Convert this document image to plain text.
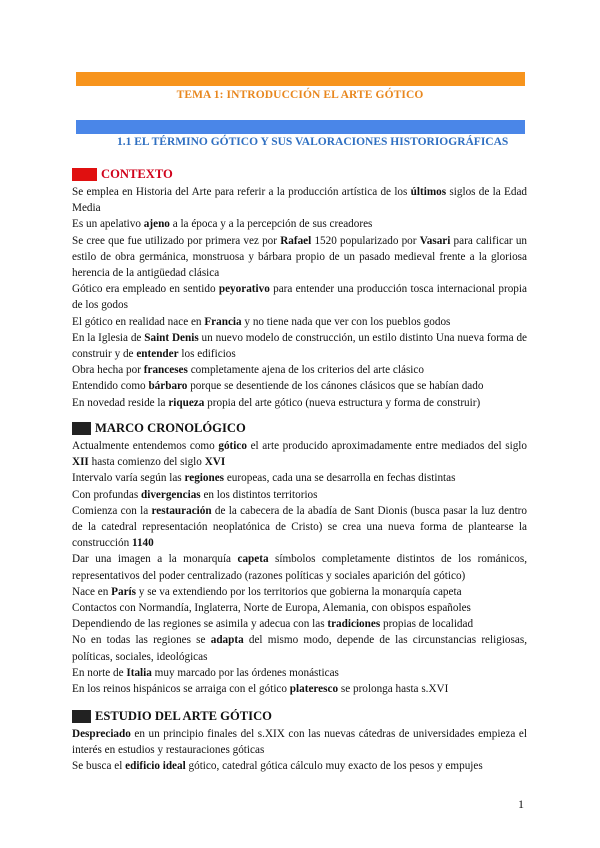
TEMA 1: INTRODUCCIÓN EL ARTE GÓTICO
1.1 EL TÉRMINO GÓTICO Y SUS VALORACIONES HISTORIOGRÁFICAS
CONTEXTO
Se emplea en Historia del Arte para referir a la producción artística de los últimos siglos de la Edad Media
Es un apelativo ajeno a la época y a la percepción de sus creadores
Se cree que fue utilizado por primera vez por Rafael 1520 popularizado por Vasari para calificar un estilo de obra germánica, monstruosa y bárbara propio de un pasado medieval frente a la gloriosa herencia de la antigüedad clásica
Gótico era empleado en sentido peyorativo para entender una producción tosca internacional propia de los godos
El gótico en realidad nace en Francia y no tiene nada que ver con los pueblos godos
En la Iglesia de Saint Denis un nuevo modelo de construcción, un estilo distinto Una nueva forma de construir y de entender los edificios
Obra hecha por franceses completamente ajena de los criterios del arte clásico
Entendido como bárbaro porque se desentiende de los cánones clásicos que se habían dado
En novedad reside la riqueza propia del arte gótico (nueva estructura y forma de construir)
MARCO CRONOLÓGICO
Actualmente entendemos como gótico el arte producido aproximadamente entre mediados del siglo XII hasta comienzo del siglo XVI
Intervalo varía según las regiones europeas, cada una se desarrolla en fechas distintas
Con profundas divergencias en los distintos territorios
Comienza con la restauración de la cabecera de la abadía de Sant Dionis (busca pasar la luz dentro de la catedral representación neoplatónica de Cristo) se crea una nueva forma de plantearse la construcción 1140
Dar una imagen a la monarquía capeta símbolos completamente distintos de los románicos, representativos del poder centralizado (razones políticas y sociales aparición del gótico)
Nace en París y se va extendiendo por los territorios que gobierna la monarquía capeta
Contactos con Normandía, Inglaterra, Norte de Europa, Alemania, con obispos españoles
Dependiendo de las regiones se asimila y adecua con las tradiciones propias de localidad
No en todas las regiones se adapta del mismo modo, depende de las circunstancias religiosas, políticas, sociales, ideológicas
En norte de Italia muy marcado por las órdenes monásticas
En los reinos hispánicos se arraiga con el gótico plateresco se prolonga hasta s.XVI
ESTUDIO DEL ARTE GÓTICO
Despreciado en un principio finales del s.XIX con las nuevas cátedras de universidades empieza el interés en estudios y restauraciones góticas
Se busca el edificio ideal gótico, catedral gótica cálculo muy exacto de los pesos y empujes
1
